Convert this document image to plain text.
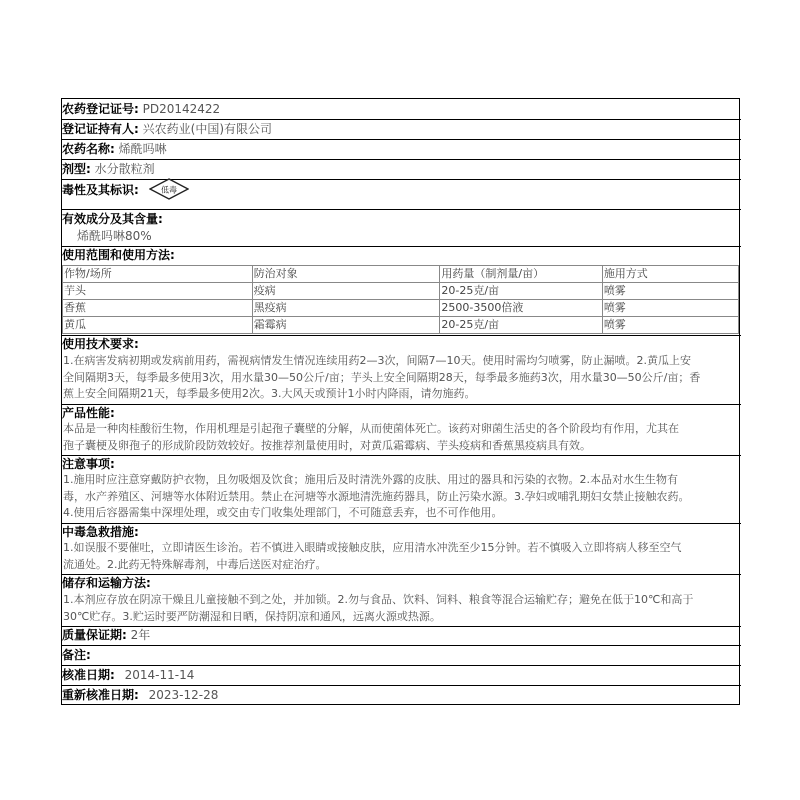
农药登记证号: PD20142422
登记证持有人: 兴农药业(中国)有限公司
农药名称: 烯酰吗啉
剂型: 水分散粒剂
毒性及其标识:	低毒
有效成分及其含量:
烯酰吗啉80%
使用范围和使用方法:
作物/场所	防治对象	用药量（制剂量/亩）	施用方式
芋头	疫病	20-25克/亩	喷雾
香蕉	黑疫病	2500-3500倍液	喷雾
黄瓜	霜霉病	20-25克/亩	喷雾
使用技术要求:
1.在病害发病初期或发病前用药，需视病情发生情况连续用药2—3次，间隔7—10天。使用时需均匀喷雾，防止漏喷。2.黄瓜上安
全间隔期3天，每季最多使用3次，用水量30—50公斤/亩；芋头上安全间隔期28天，每季最多施药3次，用水量30—50公斤/亩；香
蕉上安全间隔期21天，每季最多使用2次。3.大风天或预计1小时内降雨，请勿施药。
产品性能:
本品是一种肉桂酸衍生物，作用机理是引起孢子囊壁的分解，从而使菌体死亡。该药对卵菌生活史的各个阶段均有作用，尤其在
孢子囊梗及卵孢子的形成阶段防效较好。按推荐剂量使用时，对黄瓜霜霉病、芋头疫病和香蕉黑疫病具有效。
注意事项:
1.施用时应注意穿戴防护衣物，且勿吸烟及饮食；施用后及时清洗外露的皮肤、用过的器具和污染的衣物。2.本品对水生生物有
毒，水产养殖区、河塘等水体附近禁用。禁止在河塘等水源地清洗施药器具，防止污染水源。3.孕妇或哺乳期妇女禁止接触农药。
4.使用后容器需集中深埋处理，或交由专门收集处理部门，不可随意丢弃，也不可作他用。
中毒急救措施:
1.如误服不要催吐，立即请医生诊治。若不慎进入眼睛或接触皮肤，应用清水冲洗至少15分钟。若不慎吸入立即将病人移至空气
流通处。2.此药无特殊解毒剂，中毒后送医对症治疗。
储存和运输方法:
1.本剂应存放在阴凉干燥且儿童接触不到之处，并加锁。2.勿与食品、饮料、饲料、粮食等混合运输贮存；避免在低于10℃和高于
30℃贮存。3.贮运时要严防潮湿和日晒，保持阴凉和通风，远离火源或热源。
质量保证期: 2年
备注:
核准日期: 2014-11-14
重新核准日期: 2023-12-28
